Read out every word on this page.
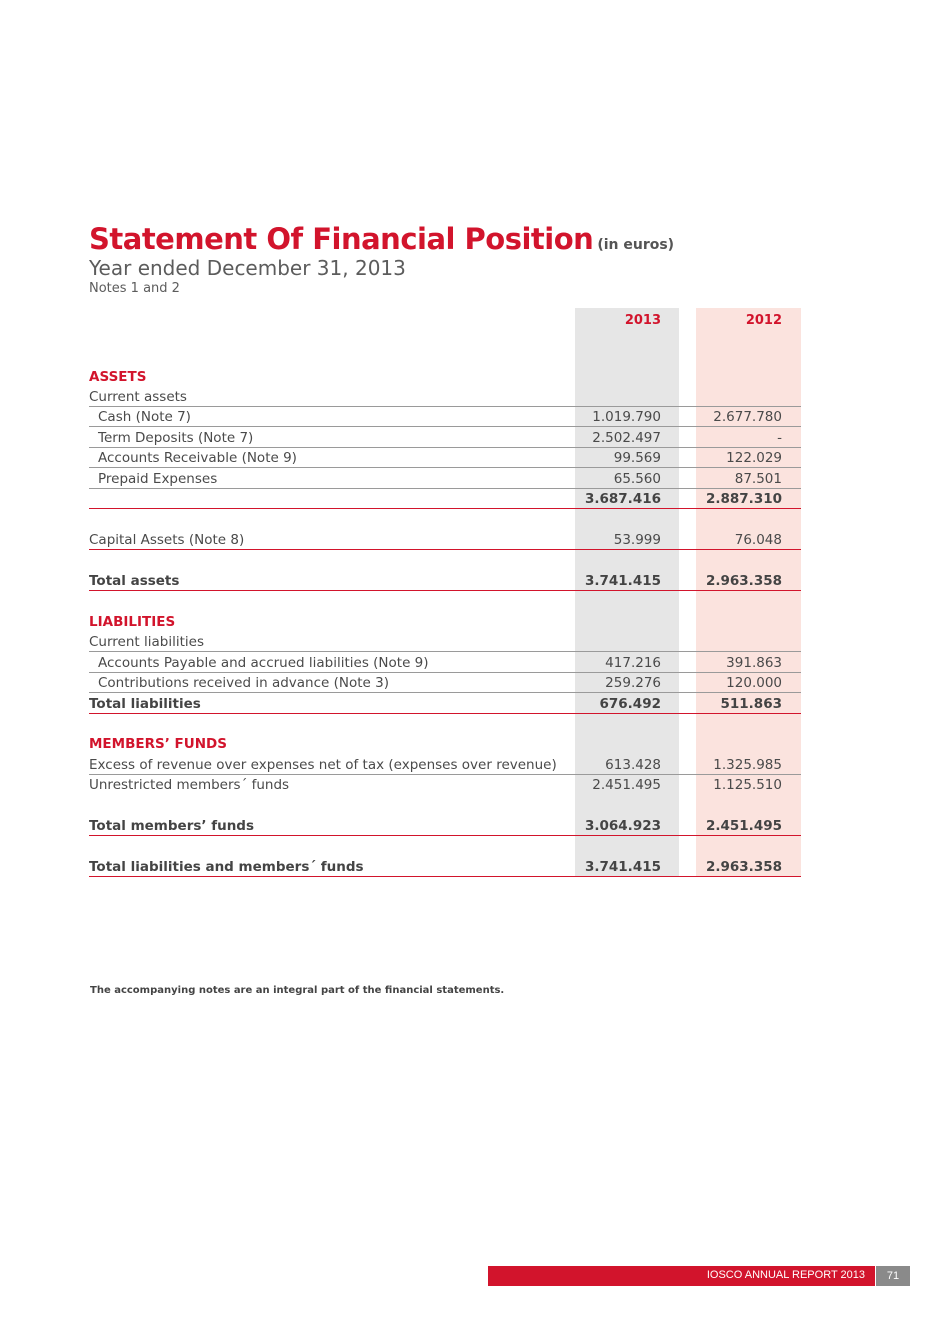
Statement Of Financial Position (in euros)
Year ended December 31, 2013
Notes 1 and 2
2013	2012
ASSETS
Current assets
Cash (Note 7)	1.019.790	2.677.780
Term Deposits (Note 7)	2.502.497	-
Accounts Receivable (Note 9)	99.569	122.029
Prepaid Expenses	65.560	87.501
3.687.416	2.887.310
Capital Assets (Note 8)	53.999	76.048
Total assets	3.741.415	2.963.358
LIABILITIES
Current liabilities
Accounts Payable and accrued liabilities (Note 9)	417.216	391.863
Contributions received in advance (Note 3)	259.276	120.000
Total liabilities	676.492	511.863
MEMBERS’ FUNDS
Excess of revenue over expenses net of tax (expenses over revenue)	613.428	1.325.985
Unrestricted members´ funds	2.451.495	1.125.510
Total members’ funds	3.064.923	2.451.495
Total liabilities and members´ funds	3.741.415	2.963.358
The accompanying notes are an integral part of the financial statements.
IOSCO ANNUAL REPORT 2013	71
